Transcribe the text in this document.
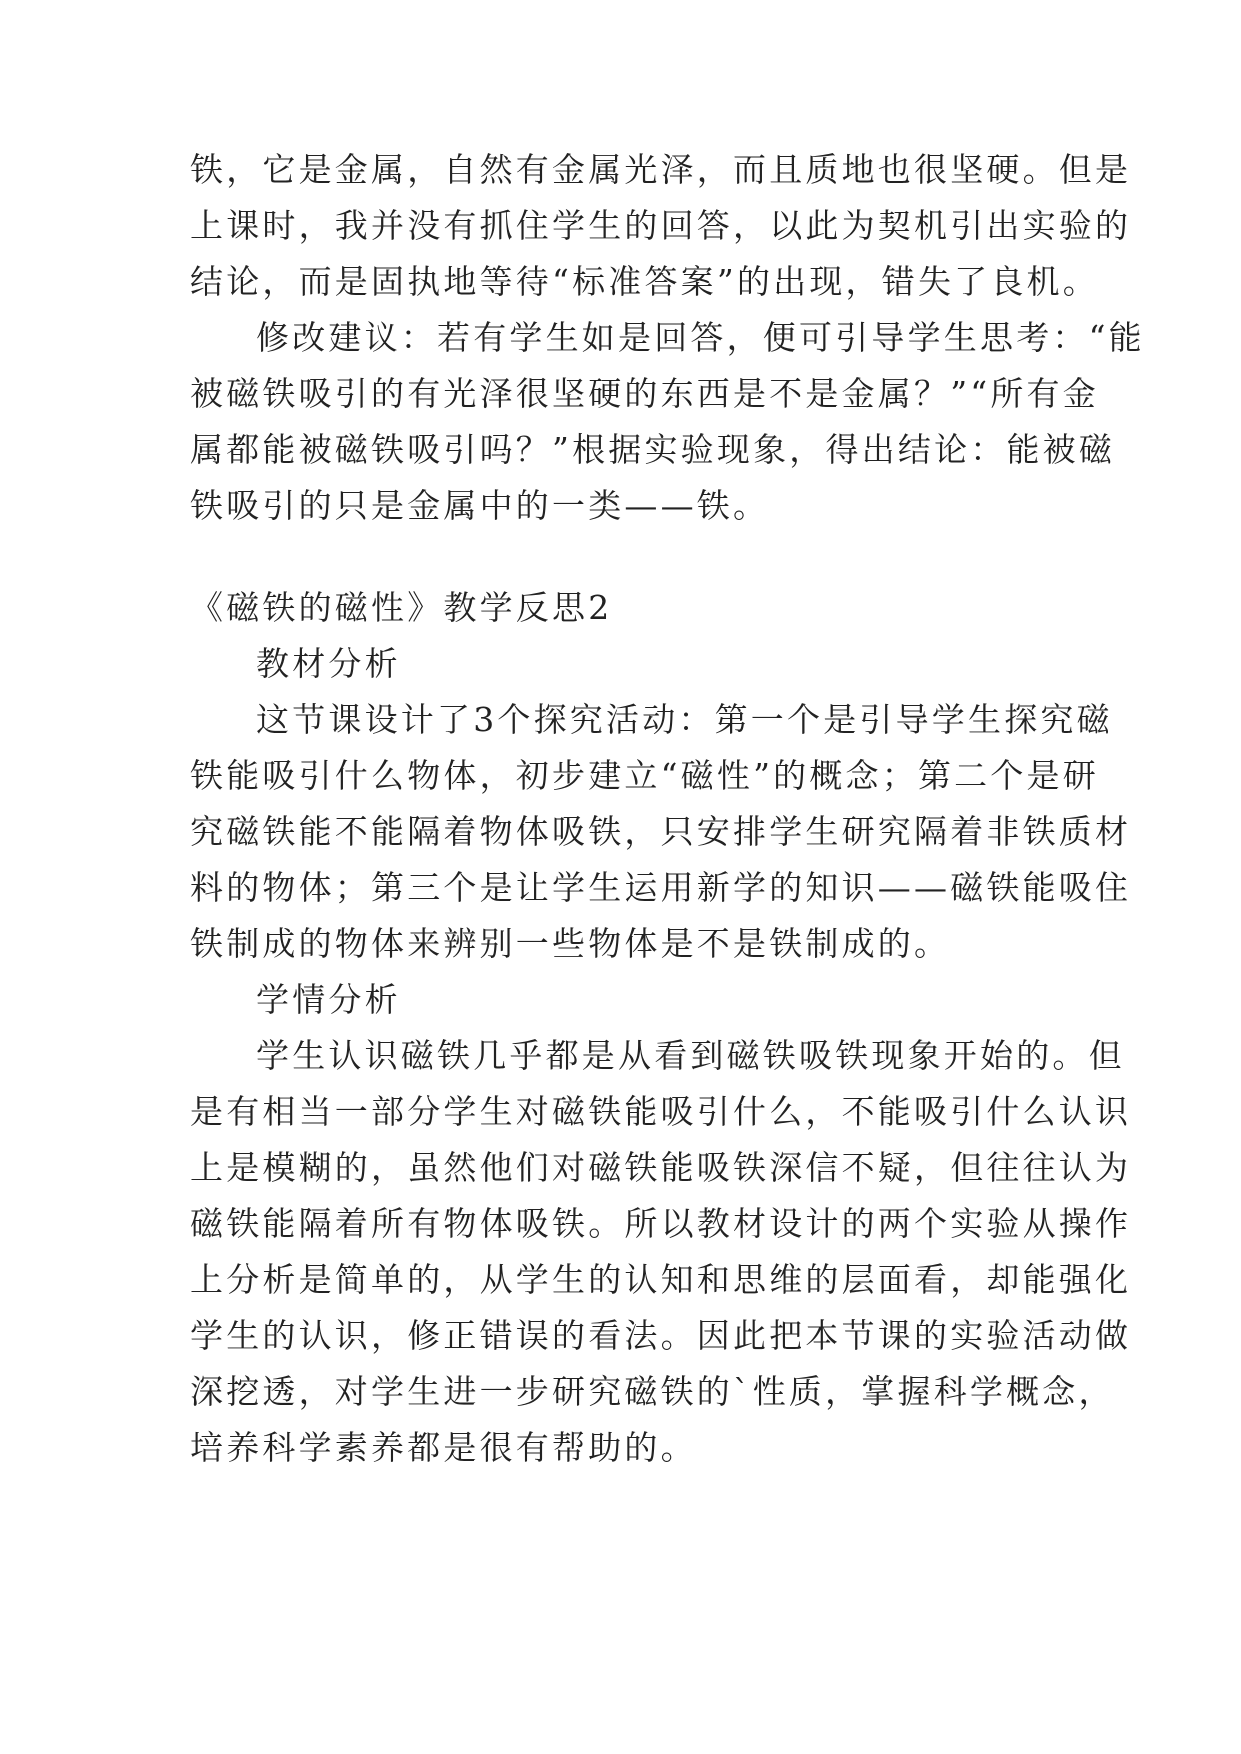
铁，它是金属，自然有金属光泽，而且质地也很坚硬。但是
上课时，我并没有抓住学生的回答，以此为契机引出实验的
结论，而是固执地等待“标准答案”的出现，错失了良机。
修改建议：若有学生如是回答，便可引导学生思考：“能
被磁铁吸引的有光泽很坚硬的东西是不是金属？”“所有金
属都能被磁铁吸引吗？”根据实验现象，得出结论：能被磁
铁吸引的只是金属中的一类——铁。
《磁铁的磁性》教学反思2
教材分析
这节课设计了3个探究活动：第一个是引导学生探究磁
铁能吸引什么物体，初步建立“磁性”的概念；第二个是研
究磁铁能不能隔着物体吸铁，只安排学生研究隔着非铁质材
料的物体；第三个是让学生运用新学的知识——磁铁能吸住
铁制成的物体来辨别一些物体是不是铁制成的。
学情分析
学生认识磁铁几乎都是从看到磁铁吸铁现象开始的。但
是有相当一部分学生对磁铁能吸引什么，不能吸引什么认识
上是模糊的，虽然他们对磁铁能吸铁深信不疑，但往往认为
磁铁能隔着所有物体吸铁。所以教材设计的两个实验从操作
上分析是简单的，从学生的认知和思维的层面看，却能强化
学生的认识，修正错误的看法。因此把本节课的实验活动做
深挖透，对学生进一步研究磁铁的`性质，掌握科学概念，
培养科学素养都是很有帮助的。
